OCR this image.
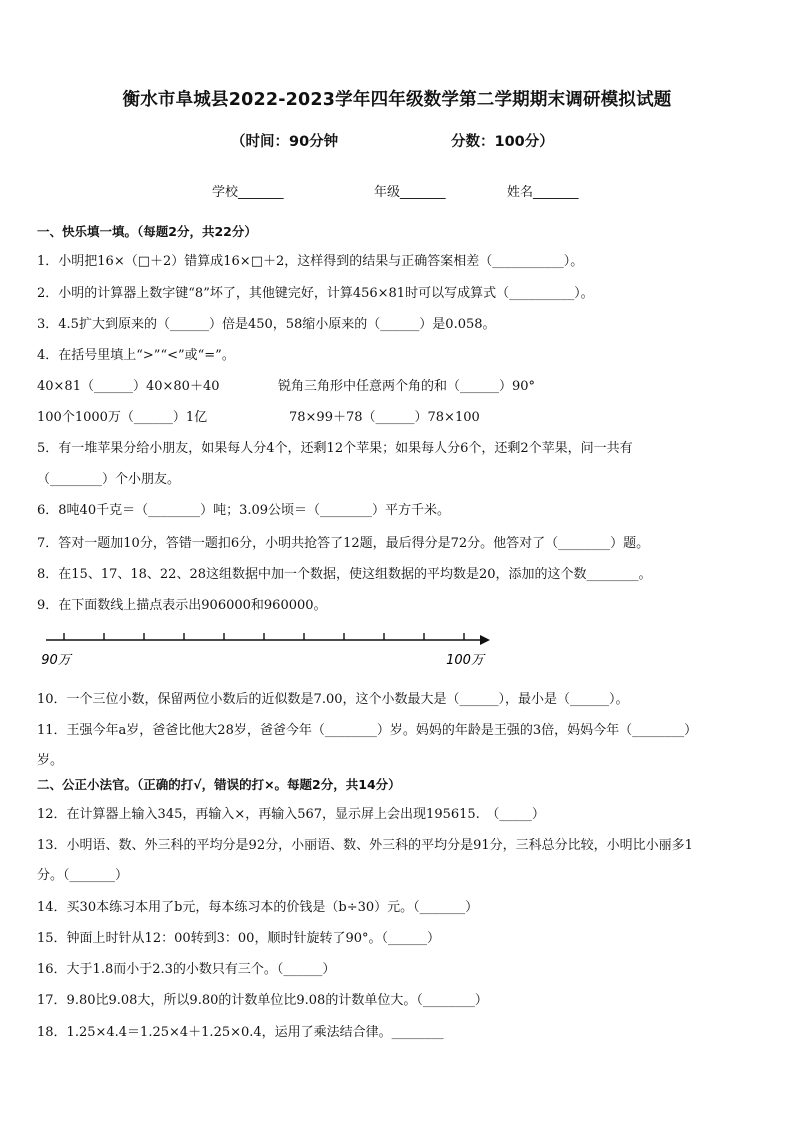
衡水市阜城县2022-2023学年四年级数学第二学期期末调研模拟试题
（时间：90分钟	分数：100分）
学校_______	年级_______	姓名_______
一、快乐填一填。（每题2分，共22分）
1．小明把16×（□＋2）错算成16×□＋2，这样得到的结果与正确答案相差（___________）。
2．小明的计算器上数字键“8”坏了，其他键完好，计算456×81时可以写成算式（__________）。
3．4.5扩大到原来的（______）倍是450，58缩小原来的（______）是0.058。
4．在括号里填上“>”“<”或“=”。
40×81（______）40×80＋40	锐角三角形中任意两个角的和（______）90°
100个1000万（______）1亿	78×99＋78（______）78×100
5．有一堆苹果分给小朋友，如果每人分4个，还剩12个苹果；如果每人分6个，还剩2个苹果，问一共有
（________）个小朋友。
6．8吨40千克＝（________）吨；3.09公顷＝（________）平方千米。
7．答对一题加10分，答错一题扣6分，小明共抢答了12题，最后得分是72分。他答对了（________）题。
8．在15、17、18、22、28这组数据中加一个数据，使这组数据的平均数是20，添加的这个数________。
9．在下面数线上描点表示出906000和960000。
90万	100万
10．一个三位小数，保留两位小数后的近似数是7.00，这个小数最大是（______），最小是（______）。
11．王强今年a岁，爸爸比他大28岁，爸爸今年（________）岁。妈妈的年龄是王强的3倍，妈妈今年（________）
岁。
二、公正小法官。（正确的打√，错误的打×。每题2分，共14分）
12．在计算器上输入345，再输入×，再输入567，显示屏上会出现195615.　（_____）
13．小明语、数、外三科的平均分是92分，小丽语、数、外三科的平均分是91分，三科总分比较，小明比小丽多1
分。（_______）
14．买30本练习本用了b元，每本练习本的价钱是（b÷30）元。（_______）
15．钟面上时针从12：00转到3：00，顺时针旋转了90°。（______）
16．大于1.8而小于2.3的小数只有三个。（______）
17．9.80比9.08大，所以9.80的计数单位比9.08的计数单位大。（________）
18．1.25×4.4＝1.25×4＋1.25×0.4，运用了乘法结合律。________
